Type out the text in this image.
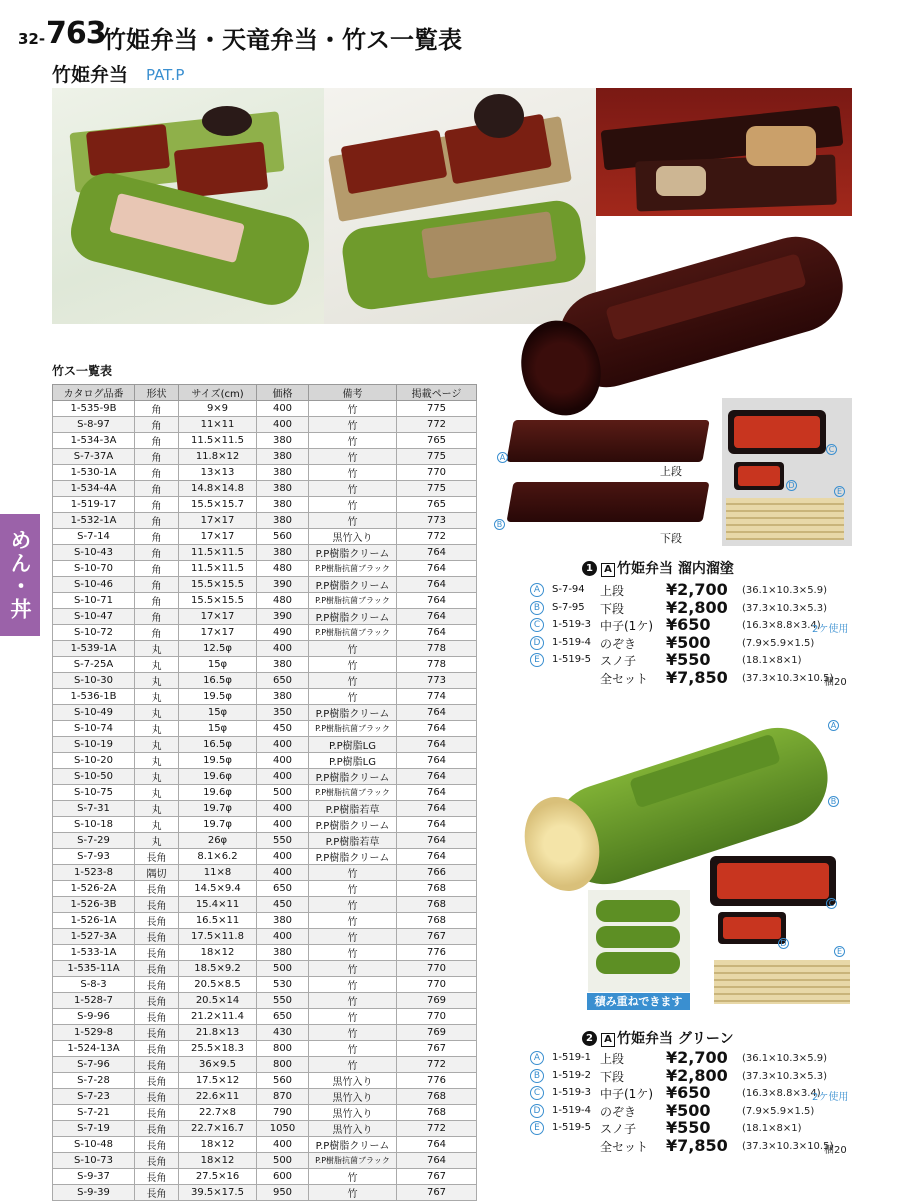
32- 763
竹姫弁当・天竜弁当・竹ス一覧表
竹姫弁当 PAT.P
竹ス一覧表
カタログ品番	形状	サイズ(cm)	価格	備考	掲載ページ
1-535-9B	角	9×9	400	竹	775
S-8-97	角	11×11	400	竹	772
1-534-3A	角	11.5×11.5	380	竹	765
S-7-37A	角	11.8×12	380	竹	775
1-530-1A	角	13×13	380	竹	770
1-534-4A	角	14.8×14.8	380	竹	775
1-519-17	角	15.5×15.7	380	竹	765
1-532-1A	角	17×17	380	竹	773
S-7-14	角	17×17	560	黒竹入り	772
S-10-43	角	11.5×11.5	380	P.P樹脂クリーム	764
S-10-70	角	11.5×11.5	480	P.P樹脂抗菌ブラック	764
S-10-46	角	15.5×15.5	390	P.P樹脂クリーム	764
S-10-71	角	15.5×15.5	480	P.P樹脂抗菌ブラック	764
S-10-47	角	17×17	390	P.P樹脂クリーム	764
S-10-72	角	17×17	490	P.P樹脂抗菌ブラック	764
1-539-1A	丸	12.5φ	400	竹	778
S-7-25A	丸	15φ	380	竹	778
S-10-30	丸	16.5φ	650	竹	773
1-536-1B	丸	19.5φ	380	竹	774
S-10-49	丸	15φ	350	P.P樹脂クリーム	764
S-10-74	丸	15φ	450	P.P樹脂抗菌ブラック	764
S-10-19	丸	16.5φ	400	P.P樹脂LG	764
S-10-20	丸	19.5φ	400	P.P樹脂LG	764
S-10-50	丸	19.6φ	400	P.P樹脂クリーム	764
S-10-75	丸	19.6φ	500	P.P樹脂抗菌ブラック	764
S-7-31	丸	19.7φ	400	P.P樹脂若草	764
S-10-18	丸	19.7φ	400	P.P樹脂クリーム	764
S-7-29	丸	26φ	550	P.P樹脂若草	764
S-7-93	長角	8.1×6.2	400	P.P樹脂クリーム	764
1-523-8	隅切	11×8	400	竹	766
1-526-2A	長角	14.5×9.4	650	竹	768
1-526-3B	長角	15.4×11	450	竹	768
1-526-1A	長角	16.5×11	380	竹	768
1-527-3A	長角	17.5×11.8	400	竹	767
1-533-1A	長角	18×12	380	竹	776
1-535-11A	長角	18.5×9.2	500	竹	770
S-8-3	長角	20.5×8.5	530	竹	770
1-528-7	長角	20.5×14	550	竹	769
S-9-96	長角	21.2×11.4	650	竹	770
1-529-8	長角	21.8×13	430	竹	769
1-524-13A	長角	25.5×18.3	800	竹	767
S-7-96	長角	36×9.5	800	竹	772
S-7-28	長角	17.5×12	560	黒竹入り	776
S-7-23	長角	22.6×11	870	黒竹入り	768
S-7-21	長角	22.7×8	790	黒竹入り	768
S-7-19	長角	22.7×16.7	1050	黒竹入り	772
S-10-48	長角	18×12	400	P.P樹脂クリーム	764
S-10-73	長角	18×12	500	P.P樹脂抗菌ブラック	764
S-9-37	長角	27.5×16	600	竹	767
S-9-39	長角	39.5×17.5	950	竹	767
めん・丼
上段
A
下段
B
C
D
E
1 A 竹姫弁当 溜内溜塗
A	S-7-94 上段	¥2,700 (36.1×10.3×5.9)
B	S-7-95 下段	¥2,800 (37.3×10.3×5.3)
C	1-519-3 中子(1ケ) ¥650	(16.3×8.8×3.4)
2ケ使用
D	1-519-4 のぞき ¥500	(7.9×5.9×1.5)
E	1-519-5 スノ子 ¥550	(18.1×8×1)
全セット ¥7,850 (37.3×10.3×10.5)
梱20
A
B
積み重ねできます
C
D
E
2 A 竹姫弁当 グリーン
A	1-519-1 上段	¥2,700 (36.1×10.3×5.9)
B	1-519-2 下段	¥2,800 (37.3×10.3×5.3)
C	1-519-3 中子(1ケ) ¥650	(16.3×8.8×3.4)
2ケ使用
D	1-519-4 のぞき ¥500	(7.9×5.9×1.5)
E	1-519-5 スノ子 ¥550	(18.1×8×1)
全セット ¥7,850 (37.3×10.3×10.5)
梱20
